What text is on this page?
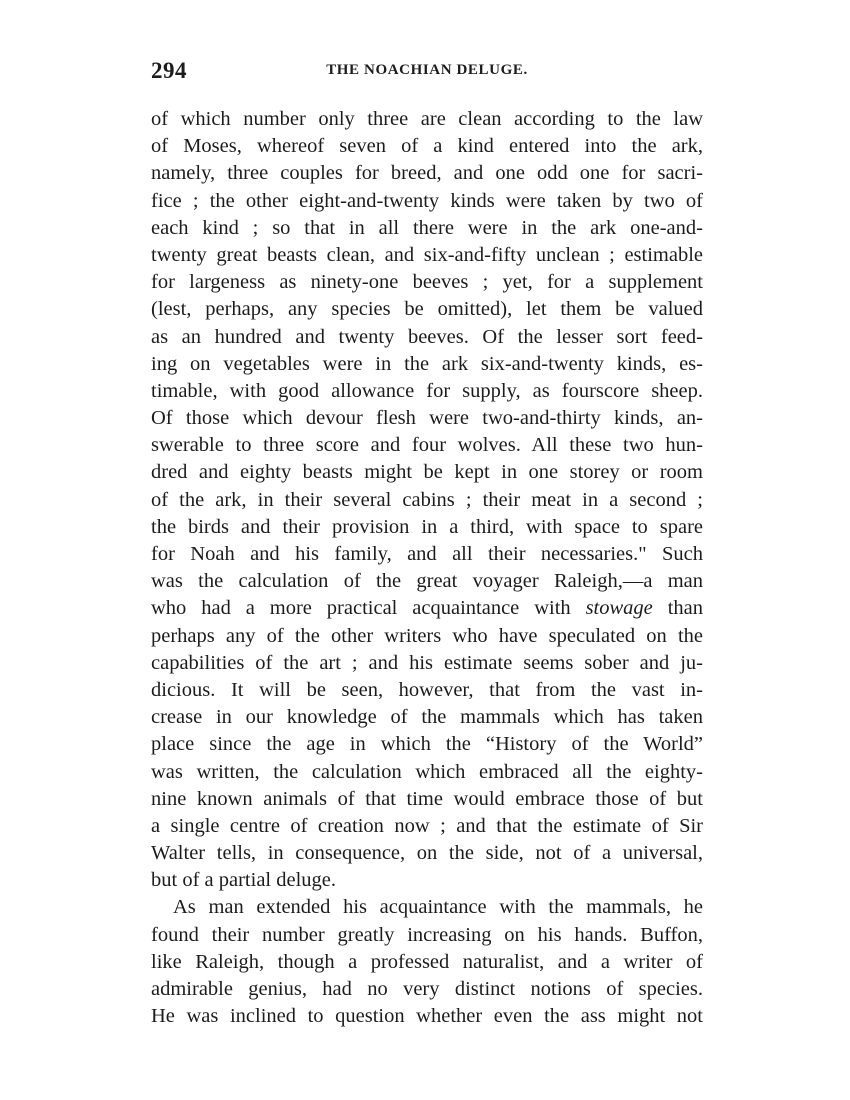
294	THE NOACHIAN DELUGE.
of which number only three are clean according to the law
of Moses, whereof seven of a kind entered into the ark,
namely, three couples for breed, and one odd one for sacri-
fice ; the other eight-and-twenty kinds were taken by two of
each kind ; so that in all there were in the ark one-and-
twenty great beasts clean, and six-and-fifty unclean ; estimable
for largeness as ninety-one beeves ; yet, for a supplement
(lest, perhaps, any species be omitted), let them be valued
as an hundred and twenty beeves. Of the lesser sort feed-
ing on vegetables were in the ark six-and-twenty kinds, es-
timable, with good allowance for supply, as fourscore sheep.
Of those which devour flesh were two-and-thirty kinds, an-
swerable to three score and four wolves. All these two hun-
dred and eighty beasts might be kept in one storey or room
of the ark, in their several cabins ; their meat in a second ;
the birds and their provision in a third, with space to spare
for Noah and his family, and all their necessaries." Such
was the calculation of the great voyager Raleigh,—a man
who had a more practical acquaintance with stowage than
perhaps any of the other writers who have speculated on the
capabilities of the art ; and his estimate seems sober and ju-
dicious. It will be seen, however, that from the vast in-
crease in our knowledge of the mammals which has taken
place since the age in which the “History of the World”
was written, the calculation which embraced all the eighty-
nine known animals of that time would embrace those of but
a single centre of creation now ; and that the estimate of Sir
Walter tells, in consequence, on the side, not of a universal,
but of a partial deluge.
As man extended his acquaintance with the mammals, he
found their number greatly increasing on his hands. Buffon,
like Raleigh, though a professed naturalist, and a writer of
admirable genius, had no very distinct notions of species.
He was inclined to question whether even the ass might not
